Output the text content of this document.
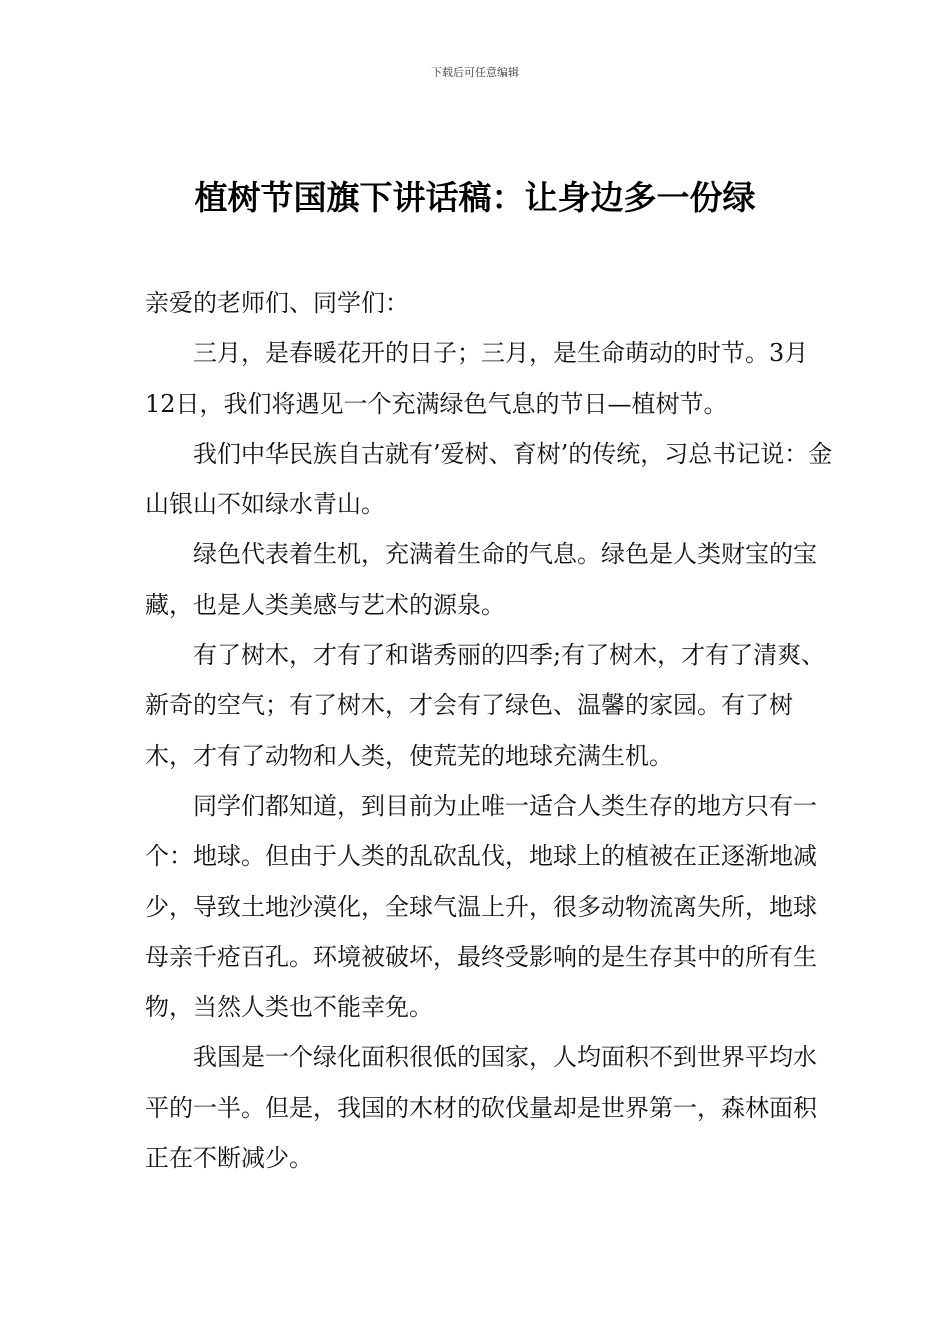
下载后可任意编辑
植树节国旗下讲话稿：让身边多一份绿

亲爱的老师们、同学们：

三月，是春暖花开的日子；三月，是生命萌动的时节。3月12日，我们将遇见一个充满绿色气息的节日—植树节。

我们中华民族自古就有’爱树、育树’的传统，习总书记说：金山银山不如绿水青山。

绿色代表着生机，充满着生命的气息。绿色是人类财宝的宝藏，也是人类美感与艺术的源泉。

有了树木，才有了和谐秀丽的四季;有了树木，才有了清爽、新奇的空气；有了树木，才会有了绿色、温馨的家园。有了树木，才有了动物和人类，使荒芜的地球充满生机。

同学们都知道，到目前为止唯一适合人类生存的地方只有一个：地球。但由于人类的乱砍乱伐，地球上的植被在正逐渐地减少，导致土地沙漠化，全球气温上升，很多动物流离失所，地球母亲千疮百孔。环境被破坏，最终受影响的是生存其中的所有生物，当然人类也不能幸免。

我国是一个绿化面积很低的国家，人均面积不到世界平均水平的一半。但是，我国的木材的砍伐量却是世界第一，森林面积正在不断减少。
